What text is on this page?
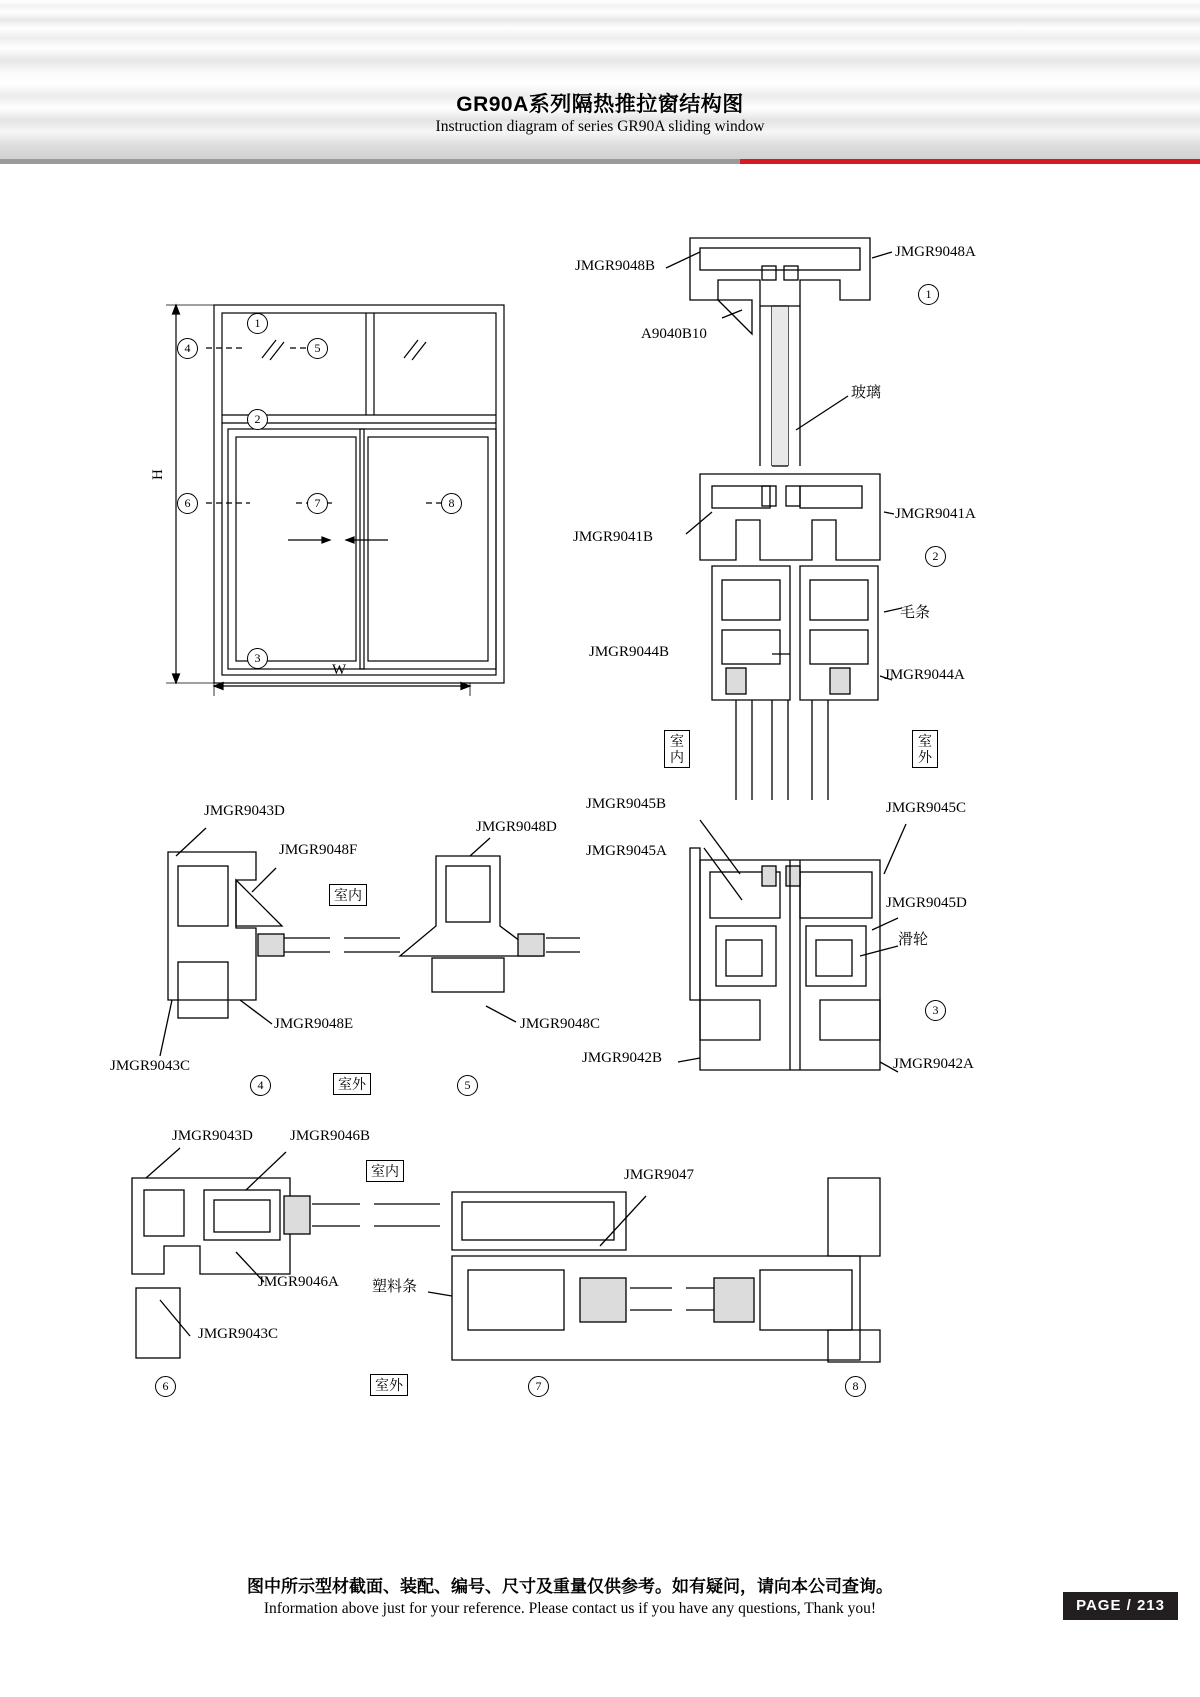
GR90A系列隔热推拉窗结构图
Instruction diagram of series GR90A sliding window
1
2
3
4	5
6	7	8
H
W
JMGR9048B
JMGR9048A
A9040B10
玻璃
1
JMGR9041B
JMGR9041A
JMGR9044B
JMGR9044A
毛条
2
室内
室外
JMGR9045B	JMGR9045C
JMGR9045A
JMGR9045D
滑轮
JMGR9042B	JMGR9042A
3
JMGR9043D
JMGR9048F
JMGR9048E
JMGR9043C
室内
室外
4
JMGR9048D
JMGR9048C
5
JMGR9043D JMGR9046B
JMGR9046A
JMGR9043C
室内
室外
6
JMGR9047
塑料条
7	8
图中所示型材截面、装配、编号、尺寸及重量仅供参考。如有疑问，请向本公司查询。
Information above just for your reference. Please contact us if you have any questions, Thank you!	PAGE / 213
